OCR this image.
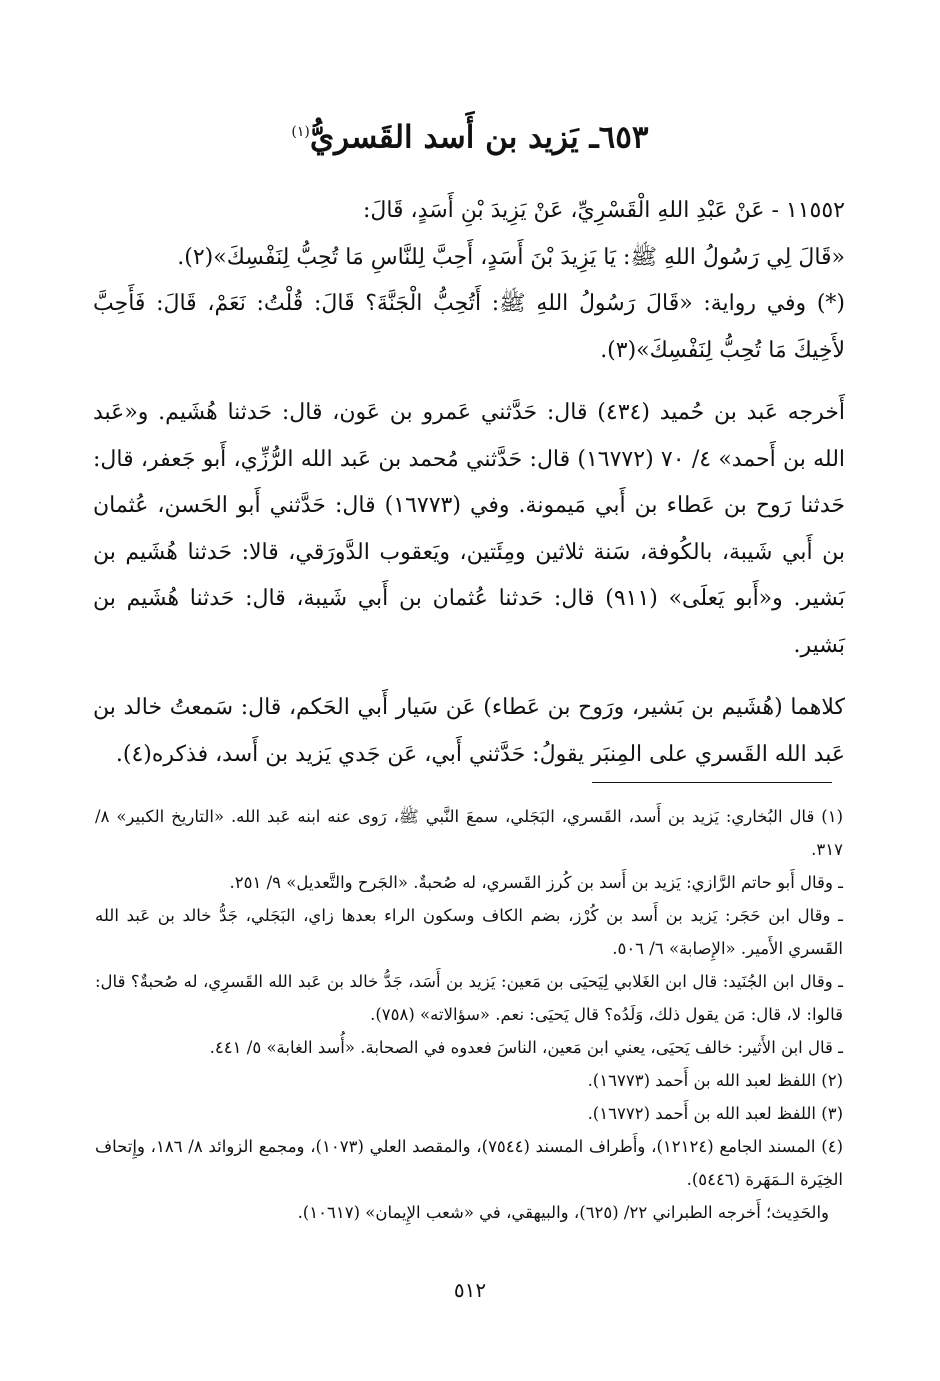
٦٥٣ـ يَزيد بن أَسد القَسريُّ$^{(١)}$

١١٥٥٢ - عَنْ عَبْدِ اللهِ الْقَسْرِيِّ، عَنْ يَزِيدَ بْنِ أَسَدٍ، قَالَ:

«قَالَ لِي رَسُولُ اللهِ ﷺ: يَا يَزِيدَ بْنَ أَسَدٍ، أَحِبَّ لِلنَّاسِ مَا تُحِبُّ لِنَفْسِكَ»(٢).

(*) وفي رواية: «قَالَ رَسُولُ اللهِ ﷺ: أَتُحِبُّ الْجَنَّةَ؟ قَالَ: قُلْتُ: نَعَمْ، قَالَ: فَأَحِبَّ لأَخِيكَ مَا تُحِبُّ لِنَفْسِكَ»(٣).

أَخرجه عَبد بن حُميد (٤٣٤) قال: حَدَّثني عَمرو بن عَون، قال: حَدثنا هُشَيم. و«عَبد الله بن أَحمد» ٤/ ٧٠ (١٦٧٧٢) قال: حَدَّثني مُحمد بن عَبد الله الرُّزِّي، أَبو جَعفر، قال: حَدثنا رَوح بن عَطاء بن أَبي مَيمونة. وفي (١٦٧٧٣) قال: حَدَّثني أَبو الحَسن، عُثمان بن أَبي شَيبة، بالكُوفة، سَنة ثلاثين ومِئَتين، ويَعقوب الدَّورَقي، قالا: حَدثنا هُشَيم بن بَشير. و«أَبو يَعلَى» (٩١١) قال: حَدثنا عُثمان بن أَبي شَيبة، قال: حَدثنا هُشَيم بن بَشير.

كلاهما (هُشَيم بن بَشير، ورَوح بن عَطاء) عَن سَيار أَبي الحَكم، قال: سَمعتُ خالد بن عَبد الله القَسري على المِنبَر يقولُ: حَدَّثني أَبي، عَن جَدي يَزيد بن أَسد، فذكره(٤).

(١) قال البُخاري: يَزيد بن أَسد، القَسري، البَجَلي، سمعَ النَّبي ﷺ، رَوى عنه ابنه عَبد الله. «التاريخ الكبير» ٨/ ٣١٧.

ـ وقال أَبو حاتم الرَّازي: يَزيد بن أَسد بن كُرز القَسري، له صُحبةٌ. «الجَرح والتَّعديل» ٩/ ٢٥١.

ـ وقال ابن حَجَر: يَزيد بن أَسد بن كُرْز، بضم الكاف وسكون الراء بعدها زاي، البَجَلي، جَدُّ خالد بن عَبد الله القَسري الأَمير. «الإِصابة» ٦/ ٥٠٦.

ـ وقال ابن الجُنَيد: قال ابن الغَلابي لِيَحيَى بن مَعين: يَزيد بن أَسَد، جَدُّ خالد بن عَبد الله القَسرِي، له صُحبةٌ؟ قال: قالوا: لا، قال: مَن يقول ذلك، وَلَدُه؟ قال يَحيَى: نعم. «سؤالاته» (٧٥٨).

ـ قال ابن الأَثير: خالف يَحيَى، يعني ابن مَعين، الناسَ فعدوه في الصحابة. «أُسد الغابة» ٥/ ٤٤١.

(٢) اللفظ لعبد الله بن أَحمد (١٦٧٧٣).

(٣) اللفظ لعبد الله بن أَحمد (١٦٧٧٢).

(٤) المسند الجامع (١٢١٢٤)، وأَطراف المسند (٧٥٤٤)، والمقصد العلي (١٠٧٣)، ومجمع الزوائد ٨/ ١٨٦، وإِتحاف الخِيَرة الـمَهَرة (٥٤٤٦).

والحَدِيث؛ أَخرجه الطبراني ٢٢/ (٦٢٥)، والبيهقي، في «شعب الإِيمان» (١٠٦١٧).

٥١٢
